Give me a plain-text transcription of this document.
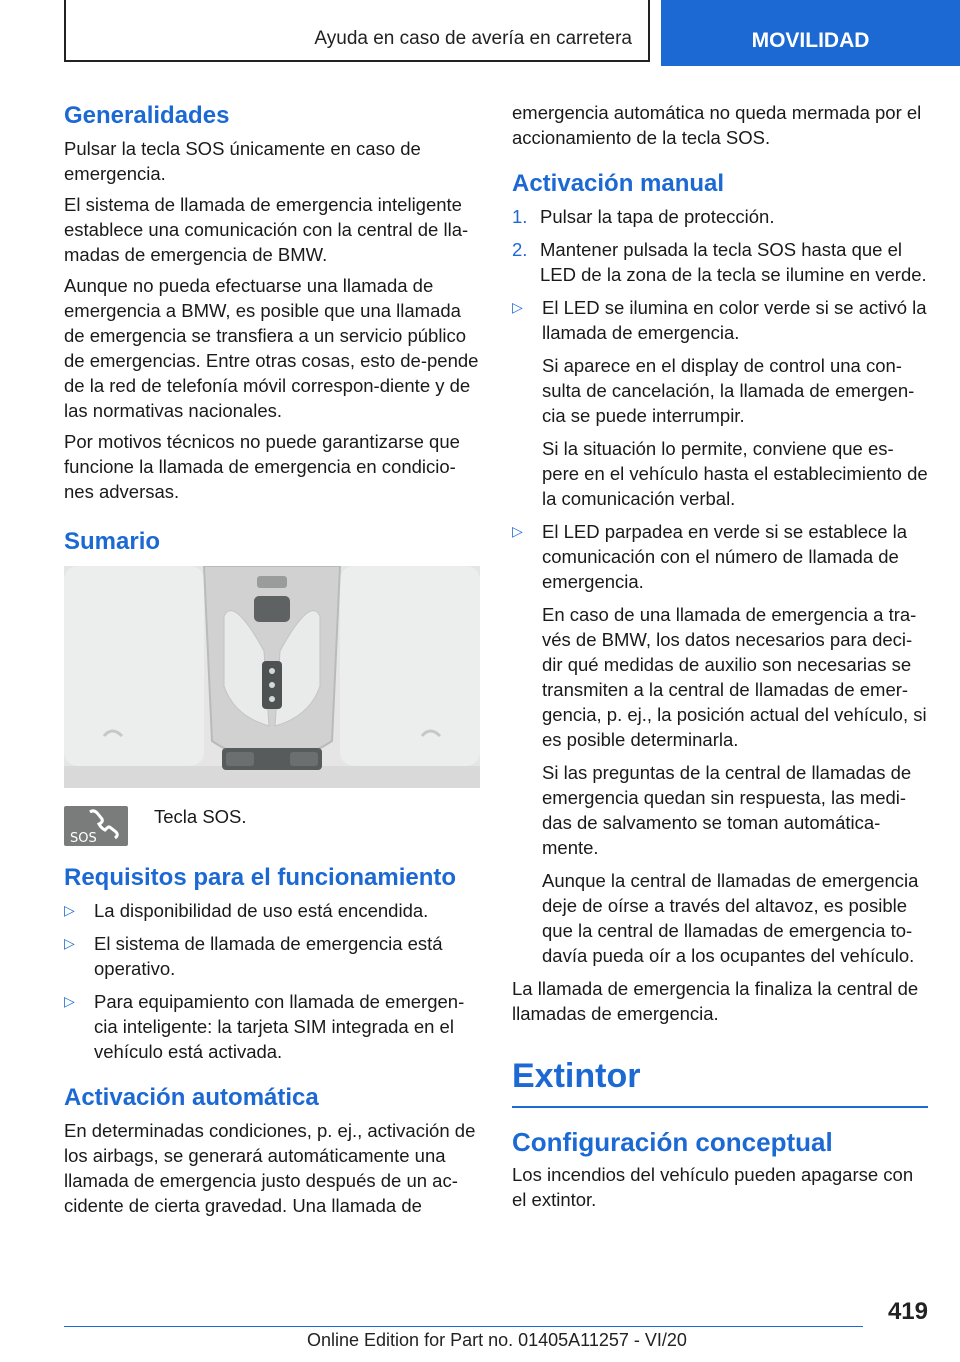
Ayuda en caso de avería en carretera	MOVILIDAD
Generalidades

Pulsar la tecla SOS únicamente en caso de emergencia.

El sistema de llamada de emergencia inteligente establece una comunicación con la central de lla‐madas de emergencia de BMW.

Aunque no pueda efectuarse una llamada de emergencia a BMW, es posible que una llamada de emergencia se transfiera a un servicio público de emergencias. Entre otras cosas, esto de‐pende de la red de telefonía móvil correspon‐diente y de las normativas nacionales.

Por motivos técnicos no puede garantizarse que funcione la llamada de emergencia en condicio‐nes adversas.

Sumario
SOS

Tecla SOS.

Requisitos para el funcionamiento
▷ La disponibilidad de uso está encendida.
▷ El sistema de llamada de emergencia está operativo.
▷ Para equipamiento con llamada de emergen‐cia inteligente: la tarjeta SIM integrada en el vehículo está activada.
Activación automática

En determinadas condiciones, p. ej., activación de los airbags, se generará automáticamente una llamada de emergencia justo después de un ac‐cidente de cierta gravedad. Una llamada de

emergencia automática no queda mermada por el accionamiento de la tecla SOS.

Activación manual
1. Pulsar la tapa de protección.
2. Mantener pulsada la tecla SOS hasta que el LED de la zona de la tecla se ilumine en verde.
▷ El LED se ilumina en color verde si se activó la llamada de emergencia.
Si aparece en el display de control una con‐sulta de cancelación, la llamada de emergen‐cia se puede interrumpir.
Si la situación lo permite, conviene que es‐pere en el vehículo hasta el establecimiento de la comunicación verbal.
▷ El LED parpadea en verde si se establece la comunicación con el número de llamada de emergencia.
En caso de una llamada de emergencia a tra‐vés de BMW, los datos necesarios para deci‐dir qué medidas de auxilio son necesarias se transmiten a la central de llamadas de emer‐gencia, p. ej., la posición actual del vehículo, si es posible determinarla.
Si las preguntas de la central de llamadas de emergencia quedan sin respuesta, las medi‐das de salvamento se toman automática‐mente.
Aunque la central de llamadas de emergencia deje de oírse a través del altavoz, es posible que la central de llamadas de emergencia to‐davía pueda oír a los ocupantes del vehículo.

La llamada de emergencia la finaliza la central de llamadas de emergencia.

Extintor
Configuración conceptual

Los incendios del vehículo pueden apagarse con el extintor.

419
Online Edition for Part no. 01405A11257 - VI/20
